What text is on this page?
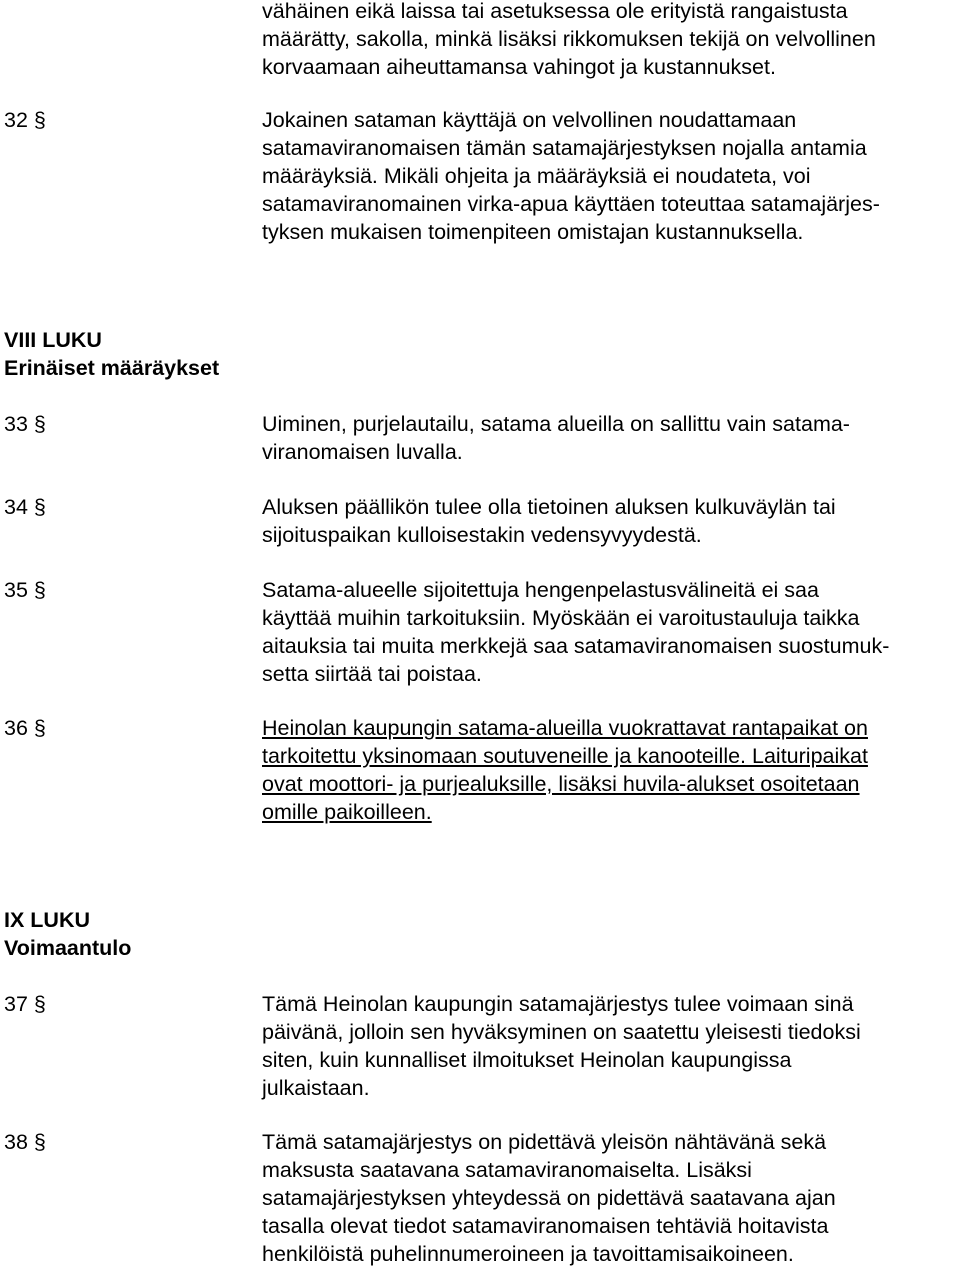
vähäinen eikä laissa tai asetuksessa ole erityistä rangaistusta

määrätty, sakolla, minkä lisäksi rikkomuksen tekijä on velvollinen

korvaamaan aiheuttamansa vahingot ja kustannukset.

32 §	Jokainen sataman käyttäjä on velvollinen noudattamaan

satamaviranomaisen tämän satamajärjestyksen nojalla antamia

määräyksiä. Mikäli ohjeita ja määräyksiä ei noudateta, voi

satamaviranomainen virka-apua käyttäen toteuttaa satamajärjes-

tyksen mukaisen toimenpiteen omistajan kustannuksella.

VIII LUKU

Erinäiset määräykset

33 §	Uiminen, purjelautailu, satama alueilla on sallittu vain satama-

viranomaisen luvalla.

34 §	Aluksen päällikön tulee olla tietoinen aluksen kulkuväylän tai

sijoituspaikan kulloisestakin vedensyvyydestä.

35 §	Satama-alueelle sijoitettuja hengenpelastusvälineitä ei saa

käyttää muihin tarkoituksiin. Myöskään ei varoitustauluja taikka

aitauksia tai muita merkkejä saa satamaviranomaisen suostumuk-

setta siirtää tai poistaa.

36 §	Heinolan kaupungin satama-alueilla vuokrattavat rantapaikat on

tarkoitettu yksinomaan soutuveneille ja kanooteille. Laituripaikat

ovat moottori- ja purjealuksille, lisäksi huvila-alukset osoitetaan

omille paikoilleen.

IX LUKU

Voimaantulo

37 §	Tämä Heinolan kaupungin satamajärjestys tulee voimaan sinä

päivänä, jolloin sen hyväksyminen on saatettu yleisesti tiedoksi

siten, kuin kunnalliset ilmoitukset Heinolan kaupungissa

julkaistaan.

38 §	Tämä satamajärjestys on pidettävä yleisön nähtävänä sekä

maksusta saatavana satamaviranomaiselta. Lisäksi

satamajärjestyksen yhteydessä on pidettävä saatavana ajan

tasalla olevat tiedot satamaviranomaisen tehtäviä hoitavista

henkilöistä puhelinnumeroineen ja tavoittamisaikoineen.
